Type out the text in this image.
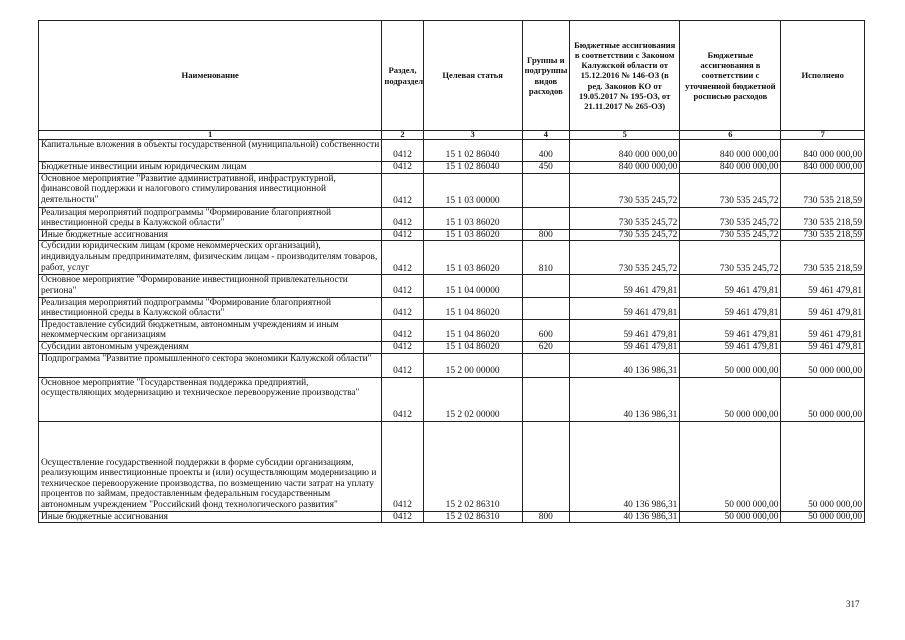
Наименование	Раздел, подраздел	Целевая статья	Группы и подгруппы видов расходов	Бюджетные ассигнования в соответствии с Законом Калужской области от 15.12.2016 № 146-ОЗ (в ред. Законов КО от 19.05.2017 № 195-ОЗ, от 21.11.2017 № 265-ОЗ)	Бюджетные ассигнования в соответствии с уточненной бюджетной росписью расходов	Исполнено
1	2	3	4	5	6	7
Капитальные вложения в объекты государственной (муниципальной) собственности	0412	15 1 02 86040	400	840 000 000,00	840 000 000,00	840 000 000,00
Бюджетные инвестиции иным юридическим лицам	0412	15 1 02 86040	450	840 000 000,00	840 000 000,00	840 000 000,00
Основное мероприятие "Развитие административной, инфраструктурной, финансовой поддержки и налогового стимулирования инвестиционной деятельности"	0412	15 1 03 00000		730 535 245,72	730 535 245,72	730 535 218,59
Реализация мероприятий подпрограммы "Формирование благоприятной инвестиционной среды в Калужской области"	0412	15 1 03 86020		730 535 245,72	730 535 245,72	730 535 218,59
Иные бюджетные ассигнования	0412	15 1 03 86020	800	730 535 245,72	730 535 245,72	730 535 218,59
Субсидии юридическим лицам (кроме некоммерческих организаций), индивидуальным предпринимателям, физическим лицам - производителям товаров, работ, услуг	0412	15 1 03 86020	810	730 535 245,72	730 535 245,72	730 535 218,59
Основное мероприятие "Формирование инвестиционной привлекательности региона"	0412	15 1 04 00000		59 461 479,81	59 461 479,81	59 461 479,81
Реализация мероприятий подпрограммы "Формирование благоприятной инвестиционной среды в Калужской области"	0412	15 1 04 86020		59 461 479,81	59 461 479,81	59 461 479,81
Предоставление субсидий бюджетным, автономным учреждениям и иным некоммерческим организациям	0412	15 1 04 86020	600	59 461 479,81	59 461 479,81	59 461 479,81
Субсидии автономным учреждениям	0412	15 1 04 86020	620	59 461 479,81	59 461 479,81	59 461 479,81
Подпрограмма "Развитие промышленного сектора экономики Калужской области"	0412	15 2 00 00000		40 136 986,31	50 000 000,00	50 000 000,00
Основное мероприятие "Государственная поддержка предприятий, осуществляющих модернизацию и техническое перевооружение производства"	0412	15 2 02 00000		40 136 986,31	50 000 000,00	50 000 000,00
Осуществление государственной поддержки в форме субсидии организациям, реализующим инвестиционные проекты и (или) осуществляющим модернизацию и техническое перевооружение производства, по возмещению части затрат на уплату процентов по займам, предоставленным федеральным государственным автономным учреждением "Российский фонд технологического развития"	0412	15 2 02 86310		40 136 986,31	50 000 000,00	50 000 000,00
Иные бюджетные ассигнования	0412	15 2 02 86310	800	40 136 986,31	50 000 000,00	50 000 000,00
317
